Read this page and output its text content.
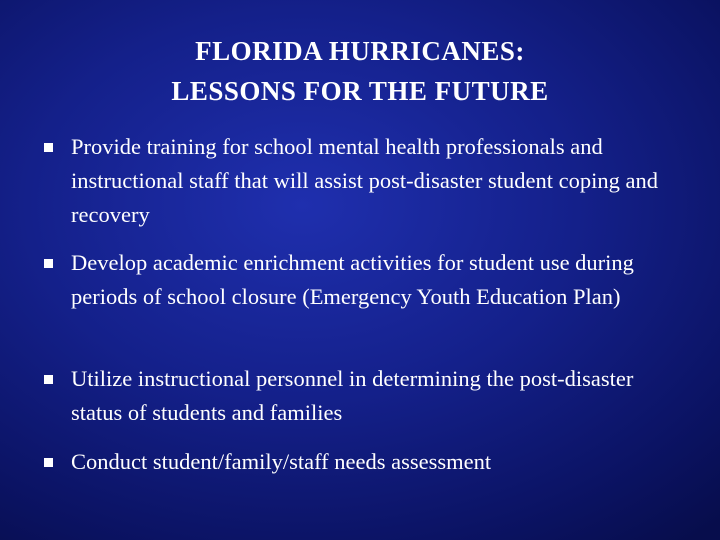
FLORIDA HURRICANES:
LESSONS FOR THE FUTURE
Provide training for school mental health professionals and instructional staff that will assist post-disaster student coping and recovery
Develop academic enrichment activities for student use during periods of school closure (Emergency Youth Education Plan)
Utilize instructional personnel in determining the post-disaster status of students and families
Conduct student/family/staff needs assessment
